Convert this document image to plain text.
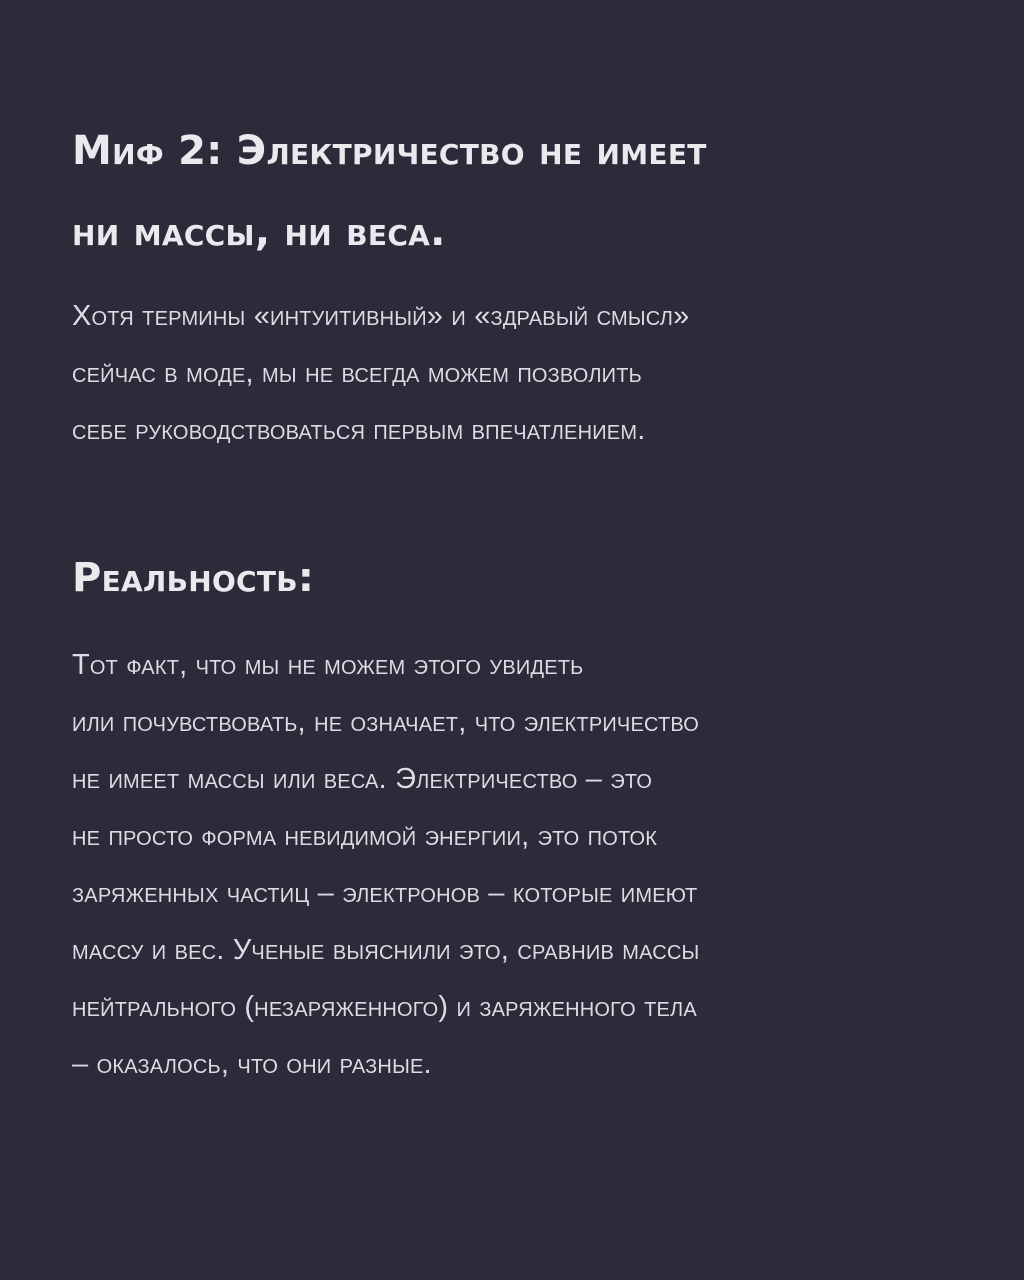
Миф 2: Электричество не имеет
ни массы, ни веса.
Хотя термины «интуитивный» и «здравый смысл»
сейчас в моде, мы не всегда можем позволить
себе руководствоваться первым впечатлением.
Реальность:
Тот факт, что мы не можем этого увидеть
или почувствовать, не означает, что электричество
не имеет массы или веса. Электричество – это
не просто форма невидимой энергии, это поток
заряженных частиц – электронов – которые имеют
массу и вес. Ученые выяснили это, сравнив массы
нейтрального (незаряженного) и заряженного тела
– оказалось, что они разные.
